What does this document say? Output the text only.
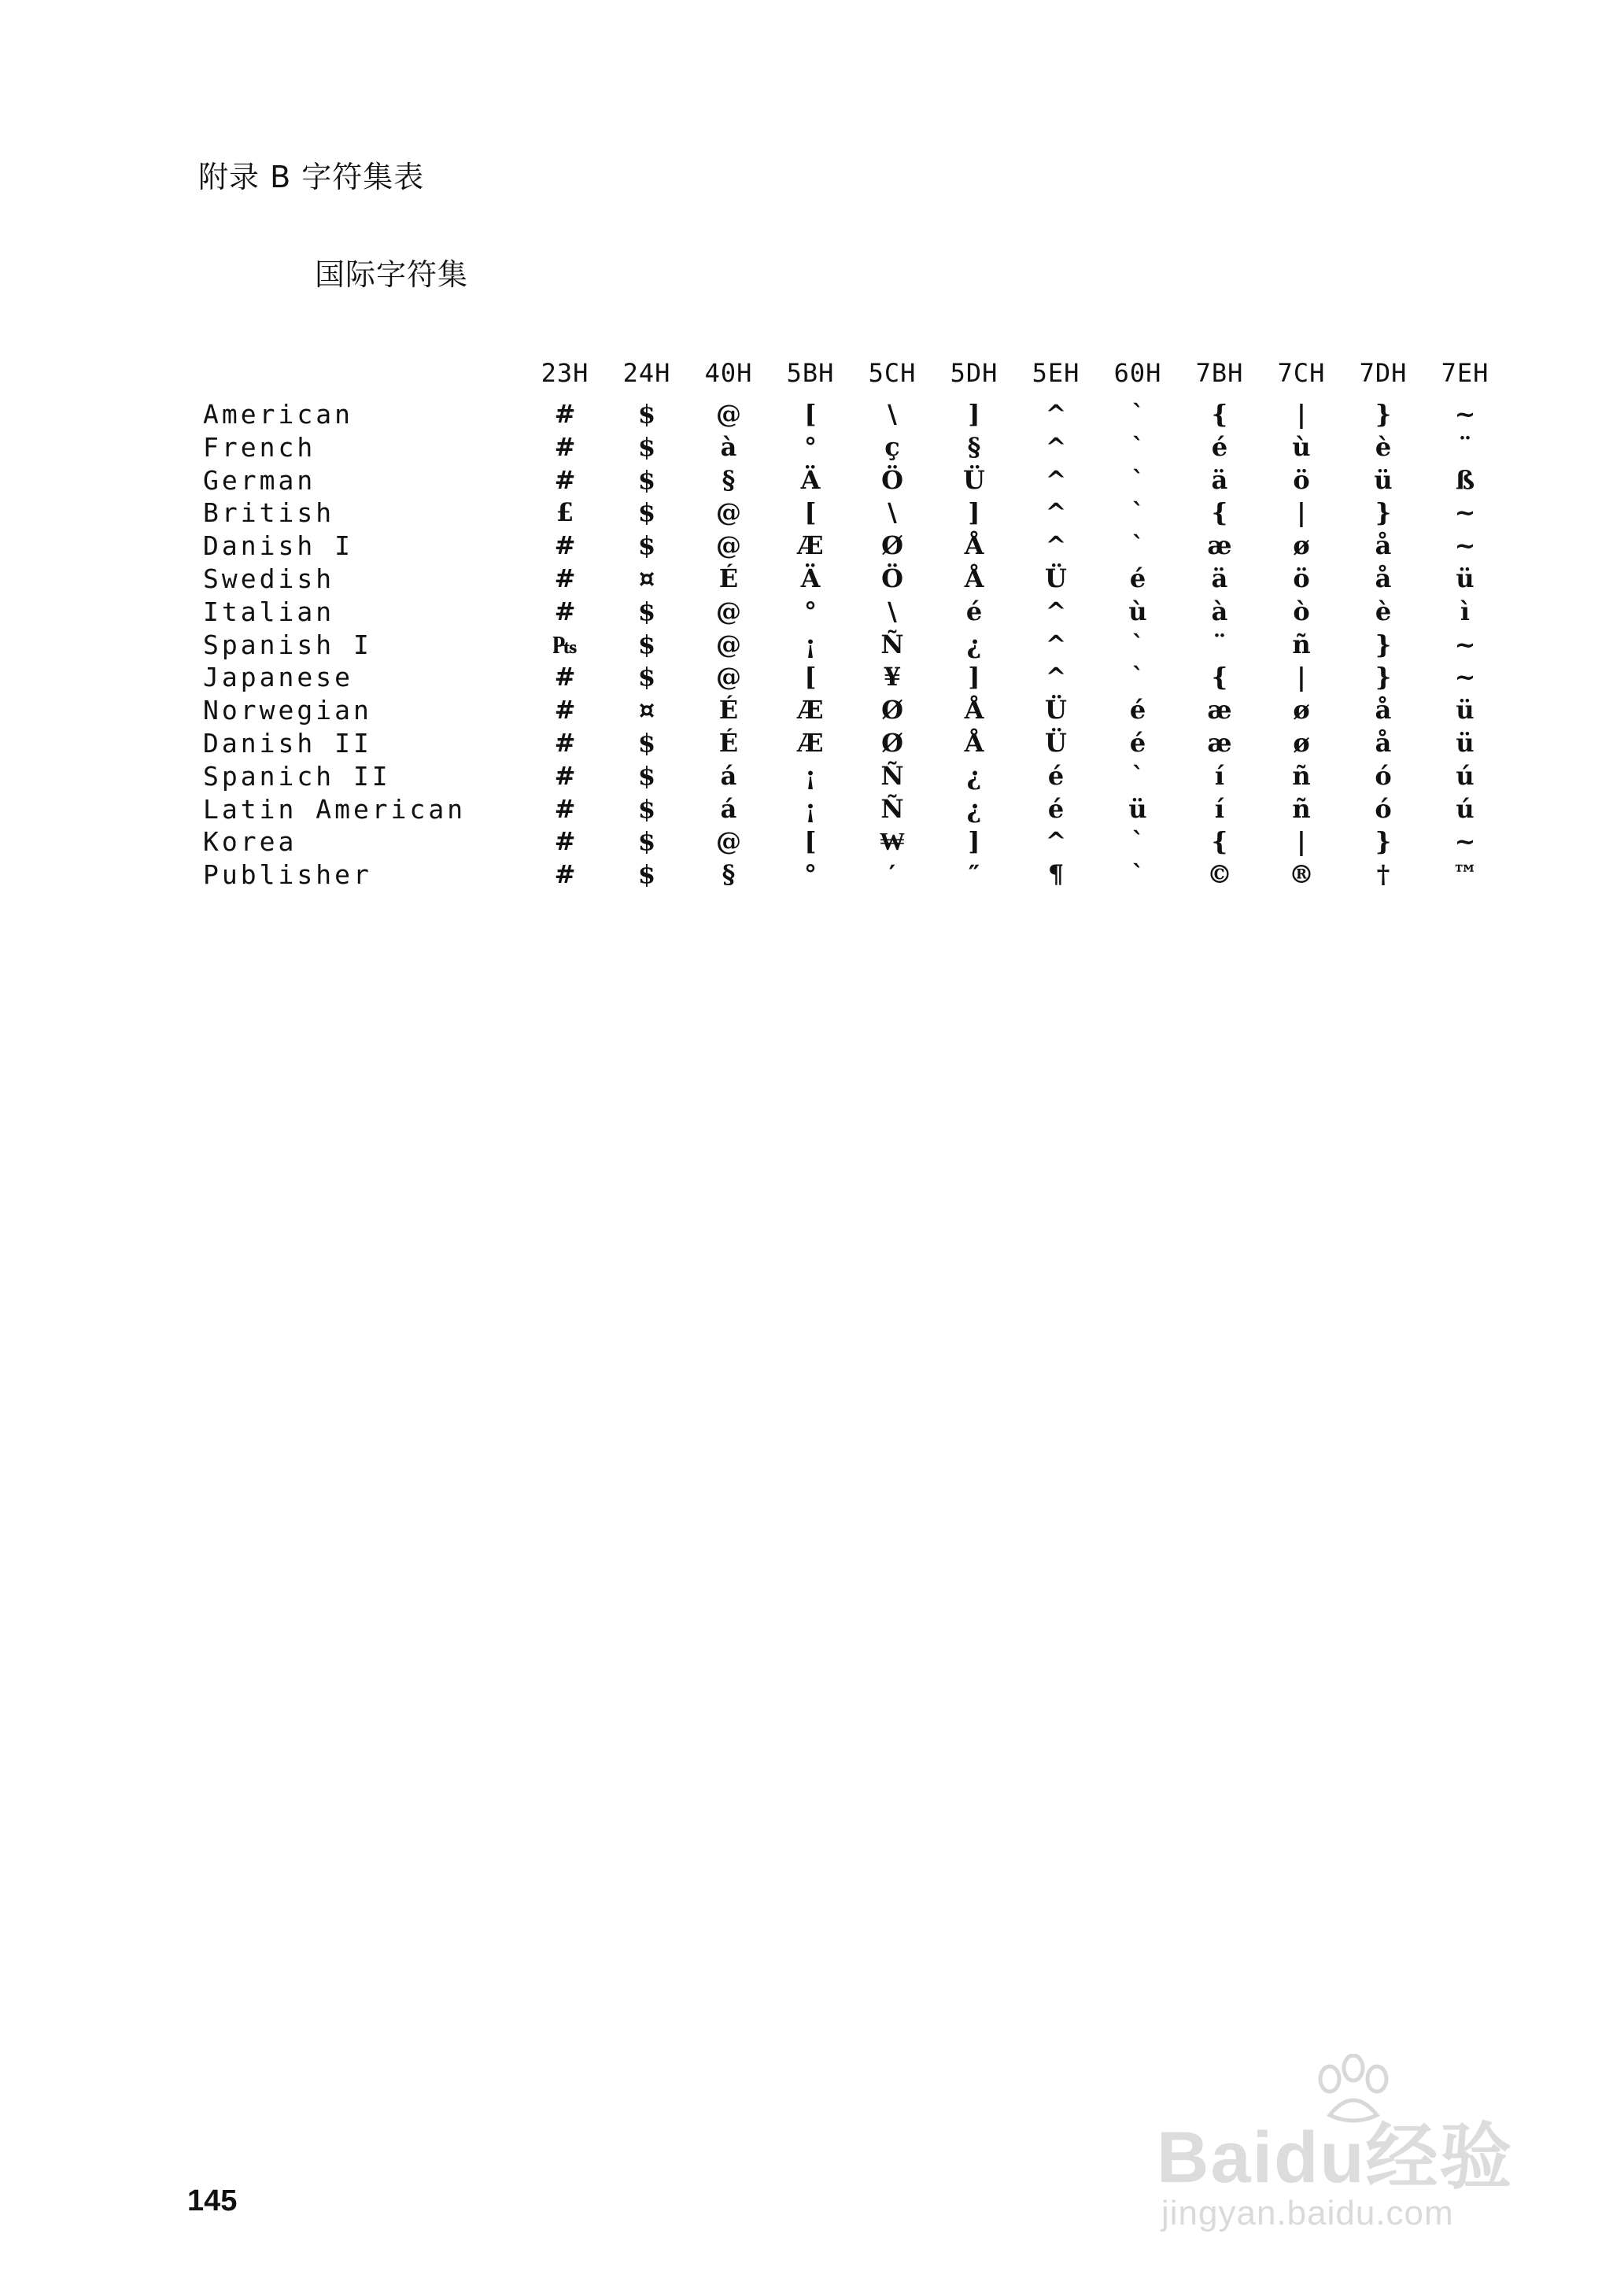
附录 B 字符集表
国际字符集
23H	24H	40H	5BH	5CH	5DH	5EH	60H	7BH	7CH	7DH	7EH
American	#	$	@	[	\	]	^	`	{	|	}	~
French	#	$	à	°	ç	§	^	`	é	ù	è	¨
German	#	$	§	Ä	Ö	Ü	^	`	ä	ö	ü	ß
British	£	$	@	[	\	]	^	`	{	|	}	~
Danish I	#	$	@	Æ	Ø	Å	^	`	æ	ø	å	~
Swedish	#	¤	É	Ä	Ö	Å	Ü	é	ä	ö	å	ü
Italian	#	$	@	°	\	é	^	ù	à	ò	è	ì
Spanish I	₧	$	@	¡	Ñ	¿	^	`	¨	ñ	}	~
Japanese	#	$	@	[	¥	]	^	`	{	|	}	~
Norwegian	#	¤	É	Æ	Ø	Å	Ü	é	æ	ø	å	ü
Danish II	#	$	É	Æ	Ø	Å	Ü	é	æ	ø	å	ü
Spanich II	#	$	á	¡	Ñ	¿	é	`	í	ñ	ó	ú
Latin American	#	$	á	¡	Ñ	¿	é	ü	í	ñ	ó	ú
Korea	#	$	@	[	₩	]	^	`	{	|	}	~
Publisher	#	$	§	°	′	″	¶	`	©	®	†	™
145
Baidu经验
jingyan.baidu.com
